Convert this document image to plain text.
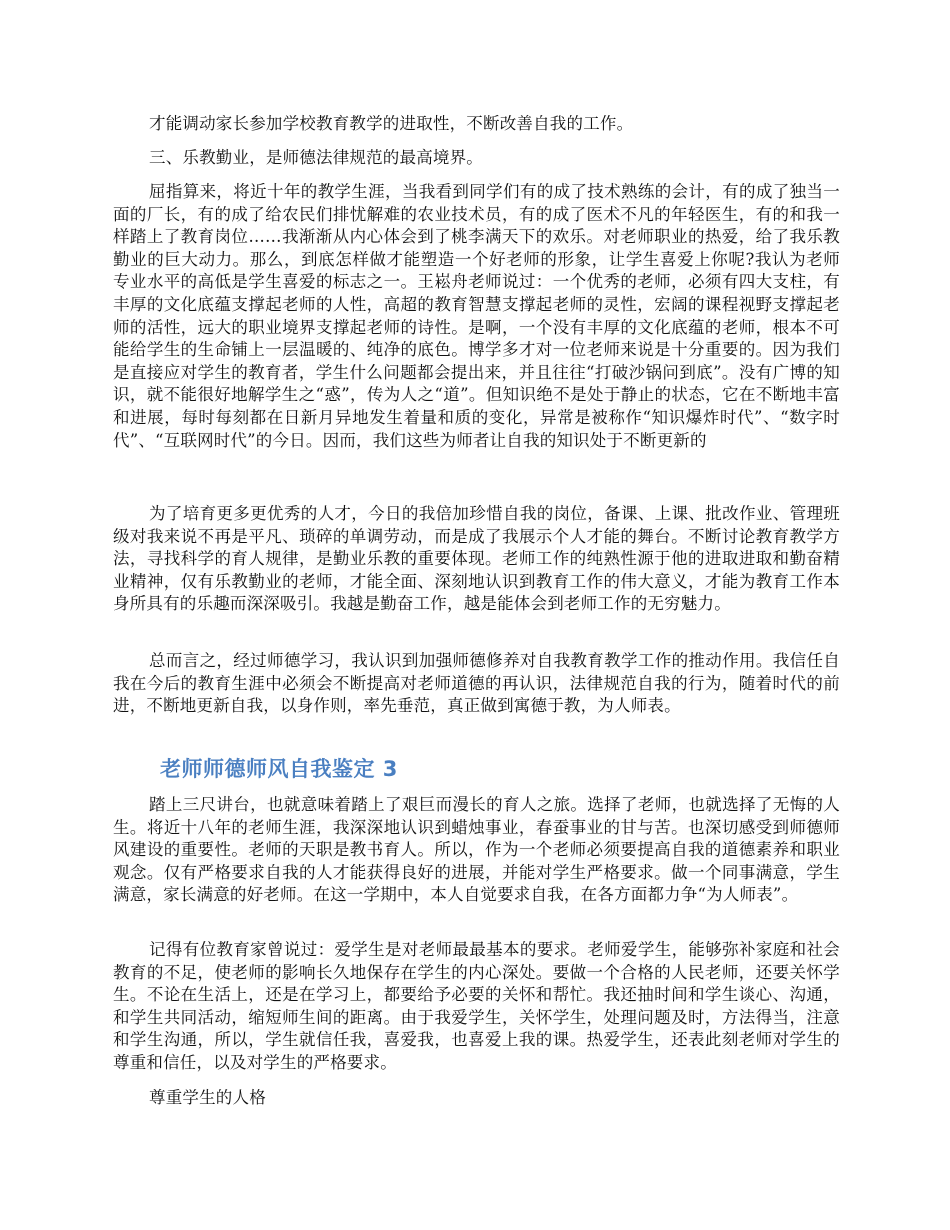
才能调动家长参加学校教育教学的进取性，不断改善自我的工作。

三、乐教勤业，是师德法律规范的最高境界。

屈指算来，将近十年的教学生涯，当我看到同学们有的成了技术熟练的会计，有的成了独当一面的厂长，有的成了给农民们排忧解难的农业技术员，有的成了医术不凡的年轻医生，有的和我一样踏上了教育岗位……我渐渐从内心体会到了桃李满天下的欢乐。对老师职业的热爱，给了我乐教勤业的巨大动力。那么，到底怎样做才能塑造一个好老师的形象，让学生喜爱上你呢?我认为老师专业水平的高低是学生喜爱的标志之一。王崧舟老师说过：一个优秀的老师，必须有四大支柱，有丰厚的文化底蕴支撑起老师的人性，高超的教育智慧支撑起老师的灵性，宏阔的课程视野支撑起老师的活性，远大的职业境界支撑起老师的诗性。是啊，一个没有丰厚的文化底蕴的老师，根本不可能给学生的生命铺上一层温暖的、纯净的底色。博学多才对一位老师来说是十分重要的。因为我们是直接应对学生的教育者，学生什么问题都会提出来，并且往往“打破沙锅问到底”。没有广博的知识，就不能很好地解学生之“惑”，传为人之“道”。但知识绝不是处于静止的状态，它在不断地丰富和进展，每时每刻都在日新月异地发生着量和质的变化，异常是被称作“知识爆炸时代”、“数字时代”、“互联网时代”的今日。因而，我们这些为师者让自我的知识处于不断更新的

为了培育更多更优秀的人才，今日的我倍加珍惜自我的岗位，备课、上课、批改作业、管理班级对我来说不再是平凡、琐碎的单调劳动，而是成了我展示个人才能的舞台。不断讨论教育教学方法，寻找科学的育人规律，是勤业乐教的重要体现。老师工作的纯熟性源于他的进取进取和勤奋精业精神，仅有乐教勤业的老师，才能全面、深刻地认识到教育工作的伟大意义，才能为教育工作本身所具有的乐趣而深深吸引。我越是勤奋工作，越是能体会到老师工作的无穷魅力。

总而言之，经过师德学习，我认识到加强师德修养对自我教育教学工作的推动作用。我信任自我在今后的教育生涯中必须会不断提高对老师道德的再认识，法律规范自我的行为，随着时代的前进，不断地更新自我，以身作则，率先垂范，真正做到寓德于教，为人师表。

老师师德师风自我鉴定 3

踏上三尺讲台，也就意味着踏上了艰巨而漫长的育人之旅。选择了老师，也就选择了无悔的人生。将近十八年的老师生涯，我深深地认识到蜡烛事业，春蚕事业的甘与苦。也深切感受到师德师风建设的重要性。老师的天职是教书育人。所以，作为一个老师必须要提高自我的道德素养和职业观念。仅有严格要求自我的人才能获得良好的进展，并能对学生严格要求。做一个同事满意，学生满意，家长满意的好老师。在这一学期中，本人自觉要求自我，在各方面都力争“为人师表”。

记得有位教育家曾说过：爱学生是对老师最最基本的要求。老师爱学生，能够弥补家庭和社会教育的不足，使老师的影响长久地保存在学生的内心深处。要做一个合格的人民老师，还要关怀学生。不论在生活上，还是在学习上，都要给予必要的关怀和帮忙。我还抽时间和学生谈心、沟通，和学生共同活动，缩短师生间的距离。由于我爱学生，关怀学生，处理问题及时，方法得当，注意和学生沟通，所以，学生就信任我，喜爱我，也喜爱上我的课。热爱学生，还表此刻老师对学生的尊重和信任，以及对学生的严格要求。

尊重学生的人格
